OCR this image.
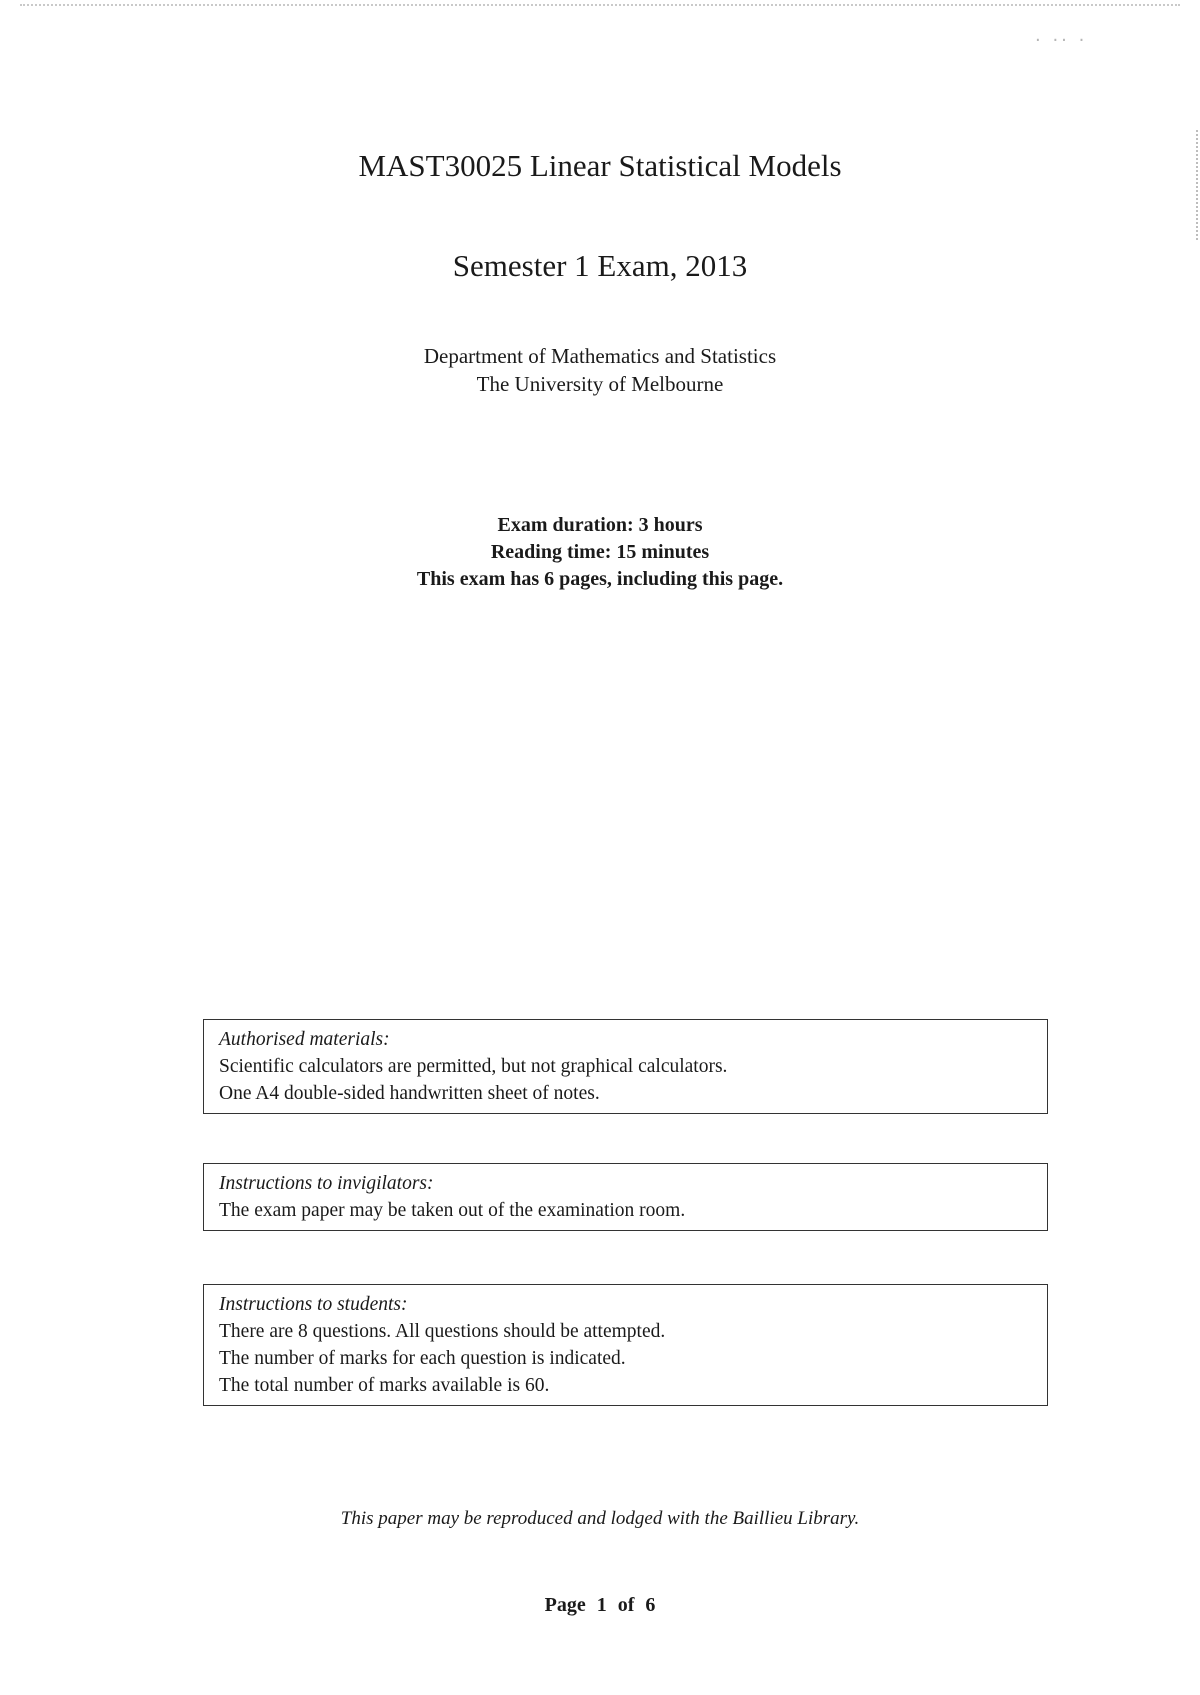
· ·· ·
MAST30025 Linear Statistical Models
Semester 1 Exam, 2013
Department of Mathematics and Statistics
The University of Melbourne
Exam duration: 3 hours
Reading time: 15 minutes
This exam has 6 pages, including this page.
Authorised materials:
Scientific calculators are permitted, but not graphical calculators.
One A4 double-sided handwritten sheet of notes.
Instructions to invigilators:
The exam paper may be taken out of the examination room.
Instructions to students:
There are 8 questions. All questions should be attempted.
The number of marks for each question is indicated.
The total number of marks available is 60.
This paper may be reproduced and lodged with the Baillieu Library.
Page 1 of 6
